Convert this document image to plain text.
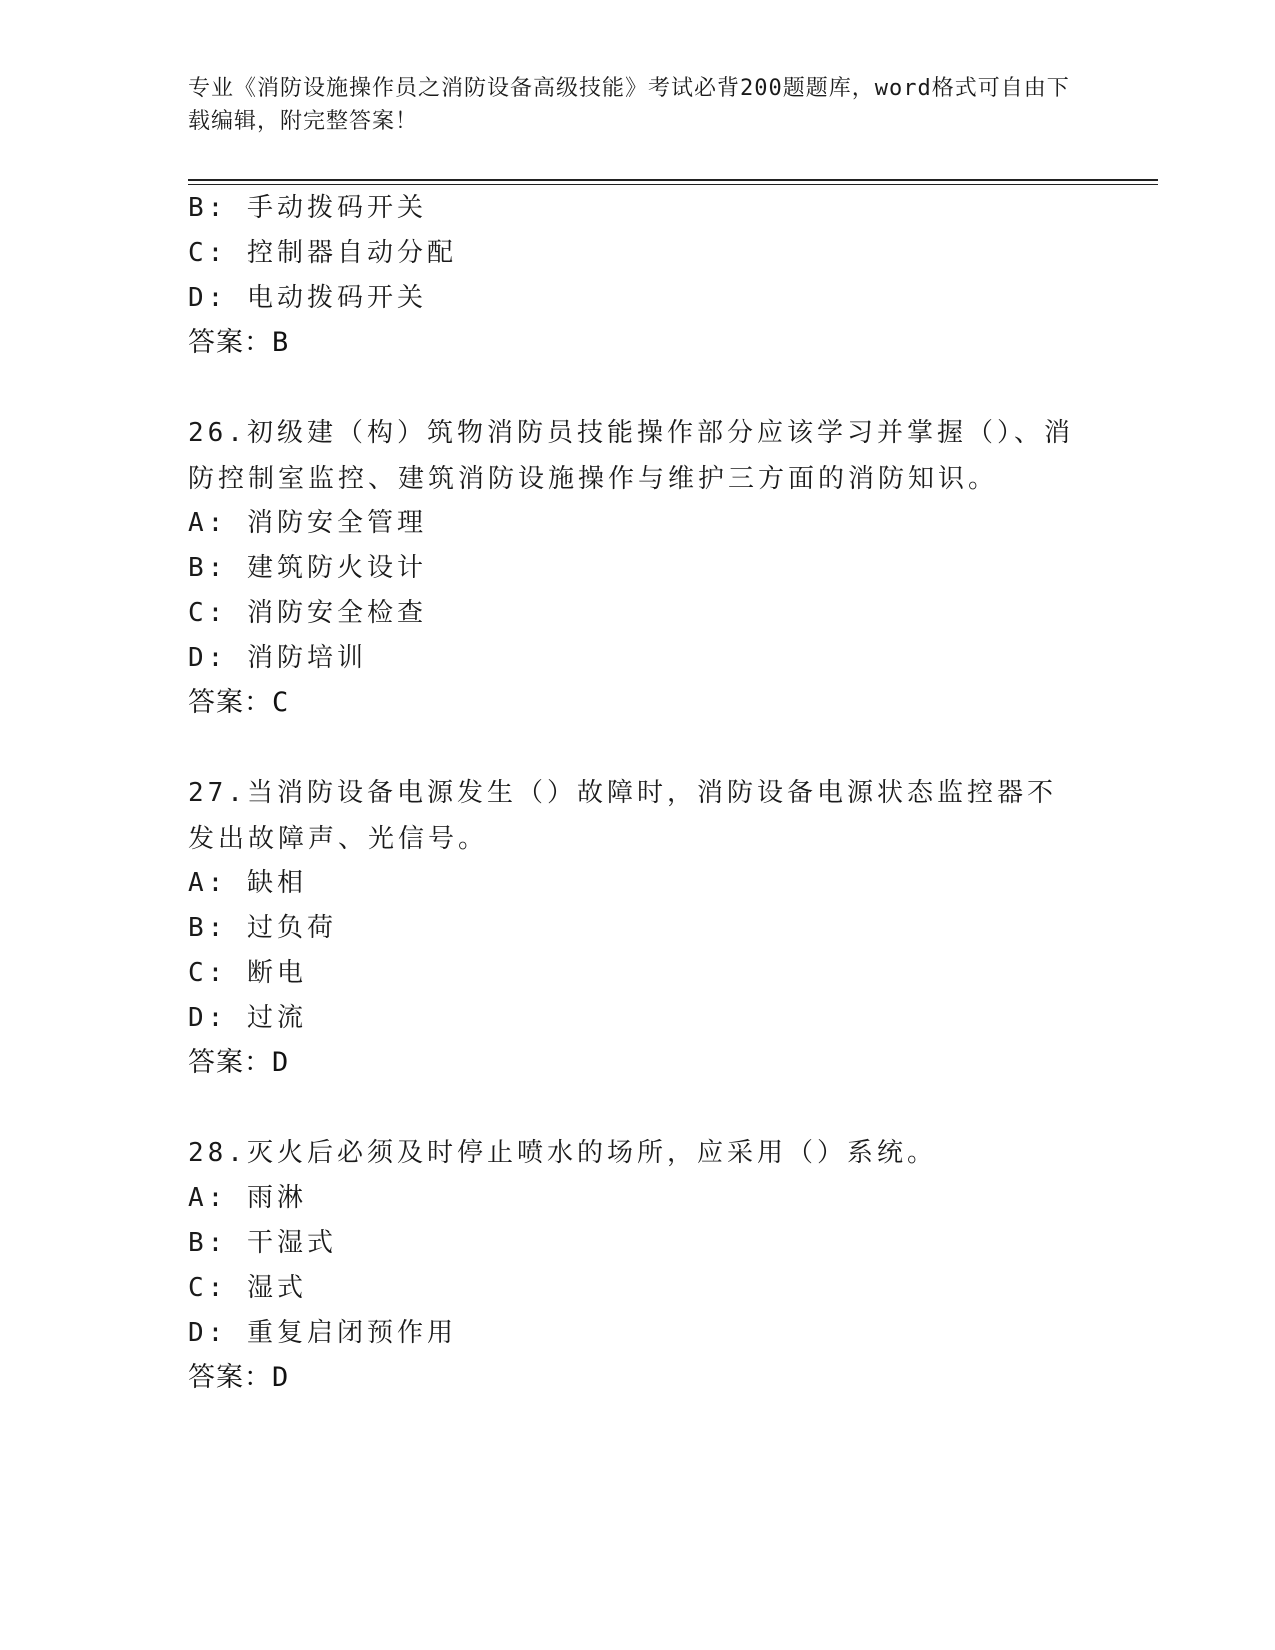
专业《消防设施操作员之消防设备高级技能》考试必背200题题库，word格式可自由下载编辑，附完整答案！
B: 手动拨码开关
C: 控制器自动分配
D: 电动拨码开关
答案：B
26.初级建（构）筑物消防员技能操作部分应该学习并掌握（）、消防控制室监控、建筑消防设施操作与维护三方面的消防知识。
A: 消防安全管理
B: 建筑防火设计
C: 消防安全检查
D: 消防培训
答案：C
27.当消防设备电源发生（）故障时，消防设备电源状态监控器不发出故障声、光信号。
A: 缺相
B: 过负荷
C: 断电
D: 过流
答案：D
28.灭火后必须及时停止喷水的场所，应采用（）系统。
A: 雨淋
B: 干湿式
C: 湿式
D: 重复启闭预作用
答案：D
